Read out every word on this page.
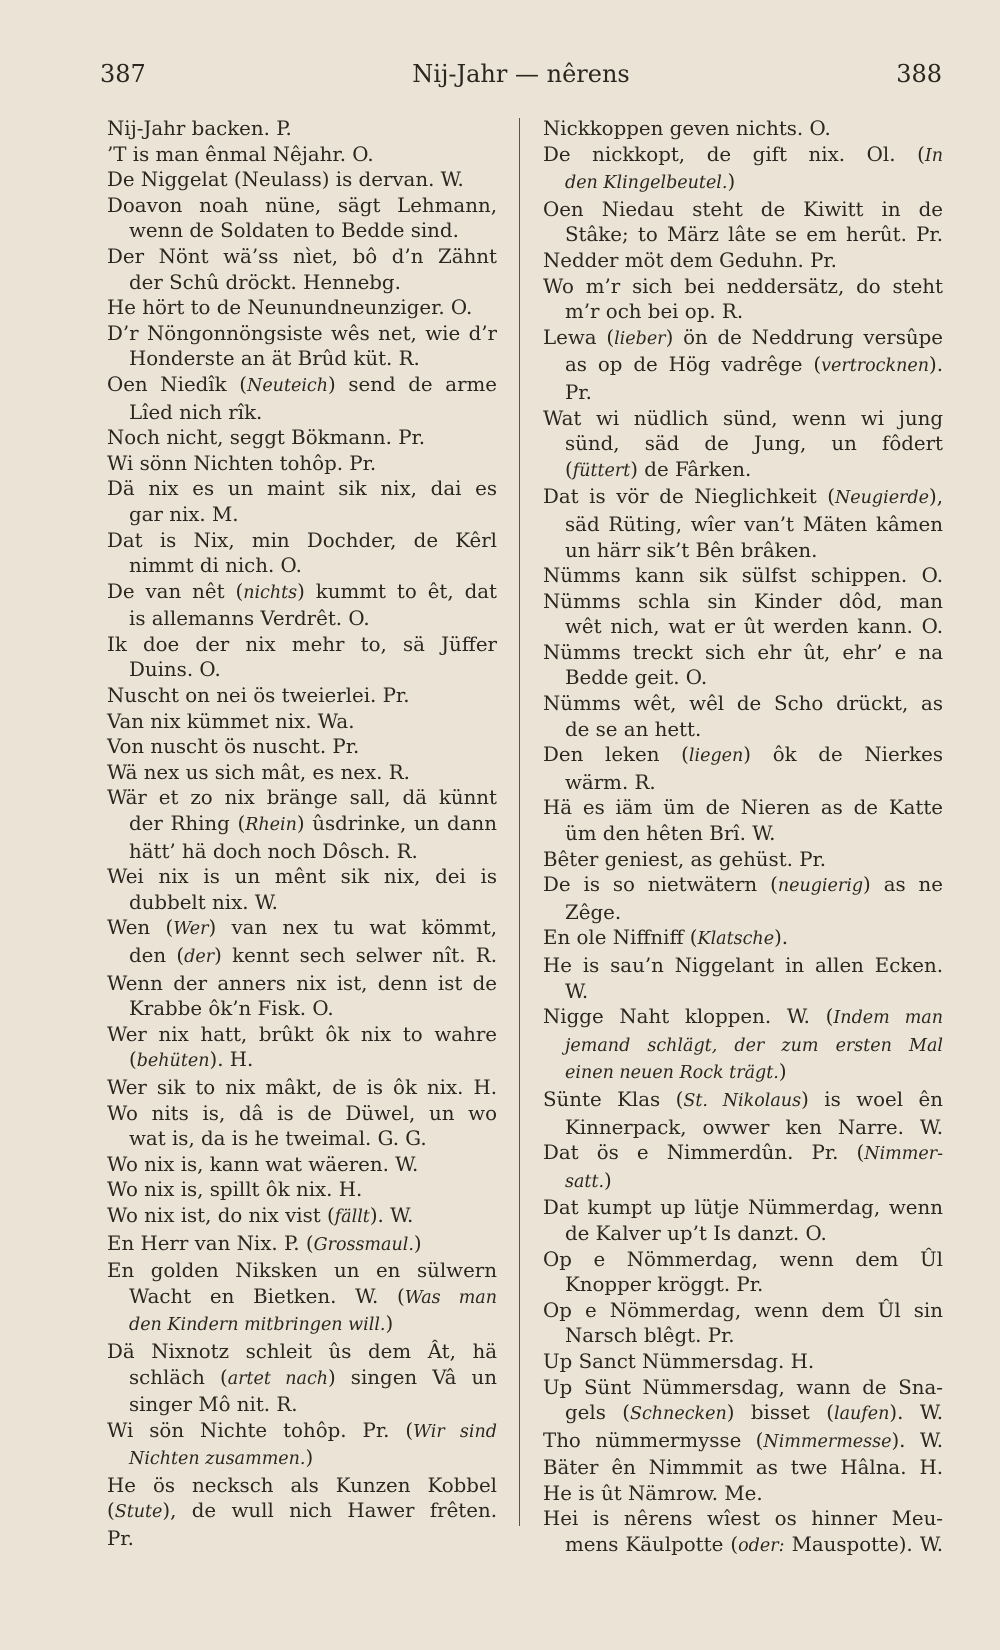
387	Nij-Jahr — nêrens	388

Nij-Jahr backen. P.

’T is man ênmal Nêjahr. O.

De Niggelat (Neulass) is dervan. W.

Doavon noah nüne, sägt Lehmann,

wenn de Soldaten to Bedde sind.

Der Nönt wä’ss nìet, bô d’n Zähnt

der Schû dröckt. Hennebg.

He hört to de Neunundneunziger. O.

D’r Nöngonnöngsiste wês net, wie d’r

Honderste an ät Brûd küt. R.

Oen Niedîk (Neuteich) send de arme

Lîed nich rîk.

Noch nicht, seggt Bökmann. Pr.

Wi sönn Nichten tohôp. Pr.

Dä nix es un maint sik nix, dai es

gar nix. M.

Dat is Nix, min Dochder, de Kêrl

nimmt di nich. O.

De van nêt (nichts) kummt to êt, dat

is allemanns Verdrêt. O.

Ik doe der nix mehr to, sä Jüffer

Duins. O.

Nuscht on nei ös tweierlei. Pr.

Van nix kümmet nix. Wa.

Von nuscht ös nuscht. Pr.

Wä nex us sich mât, es nex. R.

Wär et zo nix bränge sall, dä künnt

der Rhing (Rhein) ûsdrinke, un dann

hätt’ hä doch noch Dôsch. R.

Wei nix is un mênt sik nix, dei is

dubbelt nix. W.

Wen (Wer) van nex tu wat kömmt,

den (der) kennt sech selwer nît. R.

Wenn der anners nix ist, denn ist de

Krabbe ôk’n Fisk. O.

Wer nix hatt, brûkt ôk nix to wahre

(behüten). H.

Wer sik to nix mâkt, de is ôk nix. H.

Wo nits is, dâ is de Düwel, un wo

wat is, da is he tweimal. G. G.

Wo nix is, kann wat wäeren. W.

Wo nix is, spillt ôk nix. H.

Wo nix ist, do nix vist (fällt). W.

En Herr van Nix. P. (Grossmaul.)

En golden Niksken un en sülwern

Wacht en Bietken. W. (Was man

den Kindern mitbringen will.)

Dä Nixnotz schleit ûs dem Ât, hä

schläch (artet nach) singen Vâ un

singer Mô nit. R.

Wi sön Nichte tohôp. Pr. (Wir sind

Nichten zusammen.)

He ös necksch als Kunzen Kobbel

(Stute), de wull nich Hawer frêten.

Pr.

Nickkoppen geven nichts. O.

De nickkopt, de gift nix. Ol. (In

den Klingelbeutel.)

Oen Niedau steht de Kiwitt in de

Stâke; to März lâte se em herût. Pr.

Nedder möt dem Geduhn. Pr.

Wo m’r sich bei neddersätz, do steht

m’r och bei op. R.

Lewa (lieber) ön de Neddrung versûpe

as op de Hög vadrêge (vertrocknen).

Pr.

Wat wi nüdlich sünd, wenn wi jung

sünd, säd de Jung, un fôdert

(füttert) de Fârken.

Dat is vör de Nieglichkeit (Neugierde),

säd Rüting, wîer van’t Mäten kâmen

un härr sik’t Bên brâken.

Nümms kann sik sülfst schippen. O.

Nümms schla sin Kinder dôd, man

wêt nich, wat er ût werden kann. O.

Nümms treckt sich ehr ût, ehr’ e na

Bedde geit. O.

Nümms wêt, wêl de Scho drückt, as

de se an hett.

Den leken (liegen) ôk de Nierkes

wärm. R.

Hä es iäm üm de Nieren as de Katte

üm den hêten Brî. W.

Bêter geniest, as gehüst. Pr.

De is so nietwätern (neugierig) as ne

Zêge.

En ole Niffniff (Klatsche).

He is sau’n Niggelant in allen Ecken.

W.

Nigge Naht kloppen. W. (Indem man

jemand schlägt, der zum ersten Mal

einen neuen Rock trägt.)

Sünte Klas (St. Nikolaus) is woel ên

Kinnerpack, owwer ken Narre. W.

Dat ös e Nimmerdûn. Pr. (Nimmer-

satt.)

Dat kumpt up lütje Nümmerdag, wenn

de Kalver up’t Is danzt. O.

Op e Nömmerdag, wenn dem Ûl

Knopper kröggt. Pr.

Op e Nömmerdag, wenn dem Ûl sin

Narsch blêgt. Pr.

Up Sanct Nümmersdag. H.

Up Sünt Nümmersdag, wann de Sna-

gels (Schnecken) bisset (laufen). W.

Tho nümmermysse (Nimmermesse). W.

Bäter ên Nimmmit as twe Hâlna. H.

He is ût Nämrow. Me.

Hei is nêrens wîest os hinner Meu-

mens Käulpotte (oder: Mauspotte). W.
